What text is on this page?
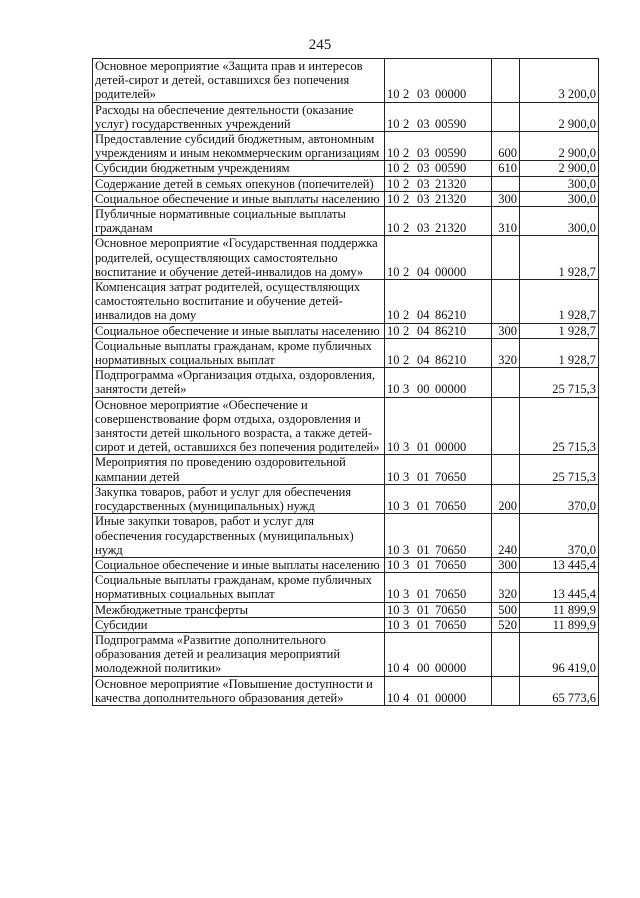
245
Основное мероприятие «Защита прав и интересов детей-сирот и детей, оставшихся без попечения родителей»	10 2 03 00000		3 200,0
Расходы на обеспечение деятельности (оказание услуг) государственных учреждений	10 2 03 00590		2 900,0
Предоставление субсидий бюджетным, автономным учреждениям и иным некоммерческим организациям	10 2 03 00590	600	2 900,0
Субсидии бюджетным учреждениям	10 2 03 00590	610	2 900,0
Содержание детей в семьях опекунов (попечителей)	10 2 03 21320		300,0
Социальное обеспечение и иные выплаты населению	10 2 03 21320	300	300,0
Публичные нормативные социальные выплаты гражданам	10 2 03 21320	310	300,0
Основное мероприятие «Государственная поддержка родителей, осуществляющих самостоятельно воспитание и обучение детей-инвалидов на дому»	10 2 04 00000		1 928,7
Компенсация затрат родителей, осуществляющих самостоятельно воспитание и обучение детей-инвалидов на дому	10 2 04 86210		1 928,7
Социальное обеспечение и иные выплаты населению	10 2 04 86210	300	1 928,7
Социальные выплаты гражданам, кроме публичных нормативных социальных выплат	10 2 04 86210	320	1 928,7
Подпрограмма «Организация отдыха, оздоровления, занятости детей»	10 3 00 00000		25 715,3
Основное мероприятие «Обеспечение и совершенствование форм отдыха, оздоровления и занятости детей школьного возраста, а также детей-сирот и детей, оставшихся без попечения родителей»	10 3 01 00000		25 715,3
Мероприятия по проведению оздоровительной кампании детей	10 3 01 70650		25 715,3
Закупка товаров, работ и услуг для обеспечения государственных (муниципальных) нужд	10 3 01 70650	200	370,0
Иные закупки товаров, работ и услуг для обеспечения государственных (муниципальных) нужд	10 3 01 70650	240	370,0
Социальное обеспечение и иные выплаты населению	10 3 01 70650	300	13 445,4
Социальные выплаты гражданам, кроме публичных нормативных социальных выплат	10 3 01 70650	320	13 445,4
Межбюджетные трансферты	10 3 01 70650	500	11 899,9
Субсидии	10 3 01 70650	520	11 899,9
Подпрограмма «Развитие дополнительного образования детей и реализация мероприятий молодежной политики»	10 4 00 00000		96 419,0
Основное мероприятие «Повышение доступности и качества дополнительного образования детей»	10 4 01 00000		65 773,6
